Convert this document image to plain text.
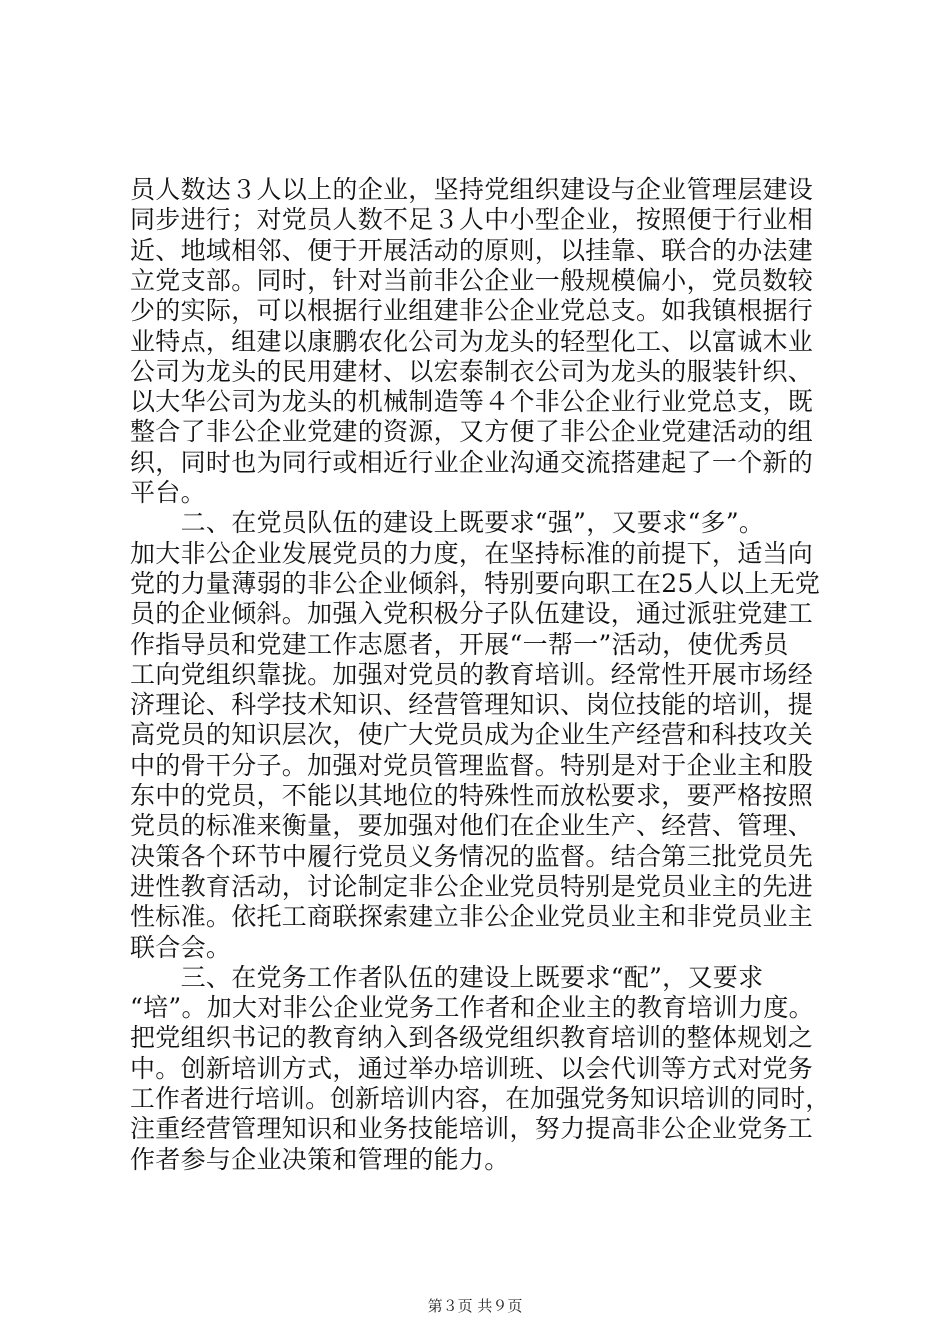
员人数达３人以上的企业，坚持党组织建设与企业管理层建设
同步进行；对党员人数不足３人中小型企业，按照便于行业相
近、地域相邻、便于开展活动的原则，以挂靠、联合的办法建
立党支部。同时，针对当前非公企业一般规模偏小，党员数较
少的实际，可以根据行业组建非公企业党总支。如我镇根据行
业特点，组建以康鹏农化公司为龙头的轻型化工、以富诚木业
公司为龙头的民用建材、以宏泰制衣公司为龙头的服装针织、
以大华公司为龙头的机械制造等４个非公企业行业党总支，既
整合了非公企业党建的资源，又方便了非公企业党建活动的组
织，同时也为同行或相近行业企业沟通交流搭建起了一个新的
平台。
　　二、在党员队伍的建设上既要求“强”，又要求“多”。
加大非公企业发展党员的力度，在坚持标准的前提下，适当向
党的力量薄弱的非公企业倾斜，特别要向职工在25人以上无党
员的企业倾斜。加强入党积极分子队伍建设，通过派驻党建工
作指导员和党建工作志愿者，开展“一帮一”活动，使优秀员
工向党组织靠拢。加强对党员的教育培训。经常性开展市场经
济理论、科学技术知识、经营管理知识、岗位技能的培训，提
高党员的知识层次，使广大党员成为企业生产经营和科技攻关
中的骨干分子。加强对党员管理监督。特别是对于企业主和股
东中的党员，不能以其地位的特殊性而放松要求，要严格按照
党员的标准来衡量，要加强对他们在企业生产、经营、管理、
决策各个环节中履行党员义务情况的监督。结合第三批党员先
进性教育活动，讨论制定非公企业党员特别是党员业主的先进
性标准。依托工商联探索建立非公企业党员业主和非党员业主
联合会。
　　三、在党务工作者队伍的建设上既要求“配”，又要求
“培”。加大对非公企业党务工作者和企业主的教育培训力度。
把党组织书记的教育纳入到各级党组织教育培训的整体规划之
中。创新培训方式，通过举办培训班、以会代训等方式对党务
工作者进行培训。创新培训内容，在加强党务知识培训的同时，
注重经营管理知识和业务技能培训，努力提高非公企业党务工
作者参与企业决策和管理的能力。
第３页 共９页
